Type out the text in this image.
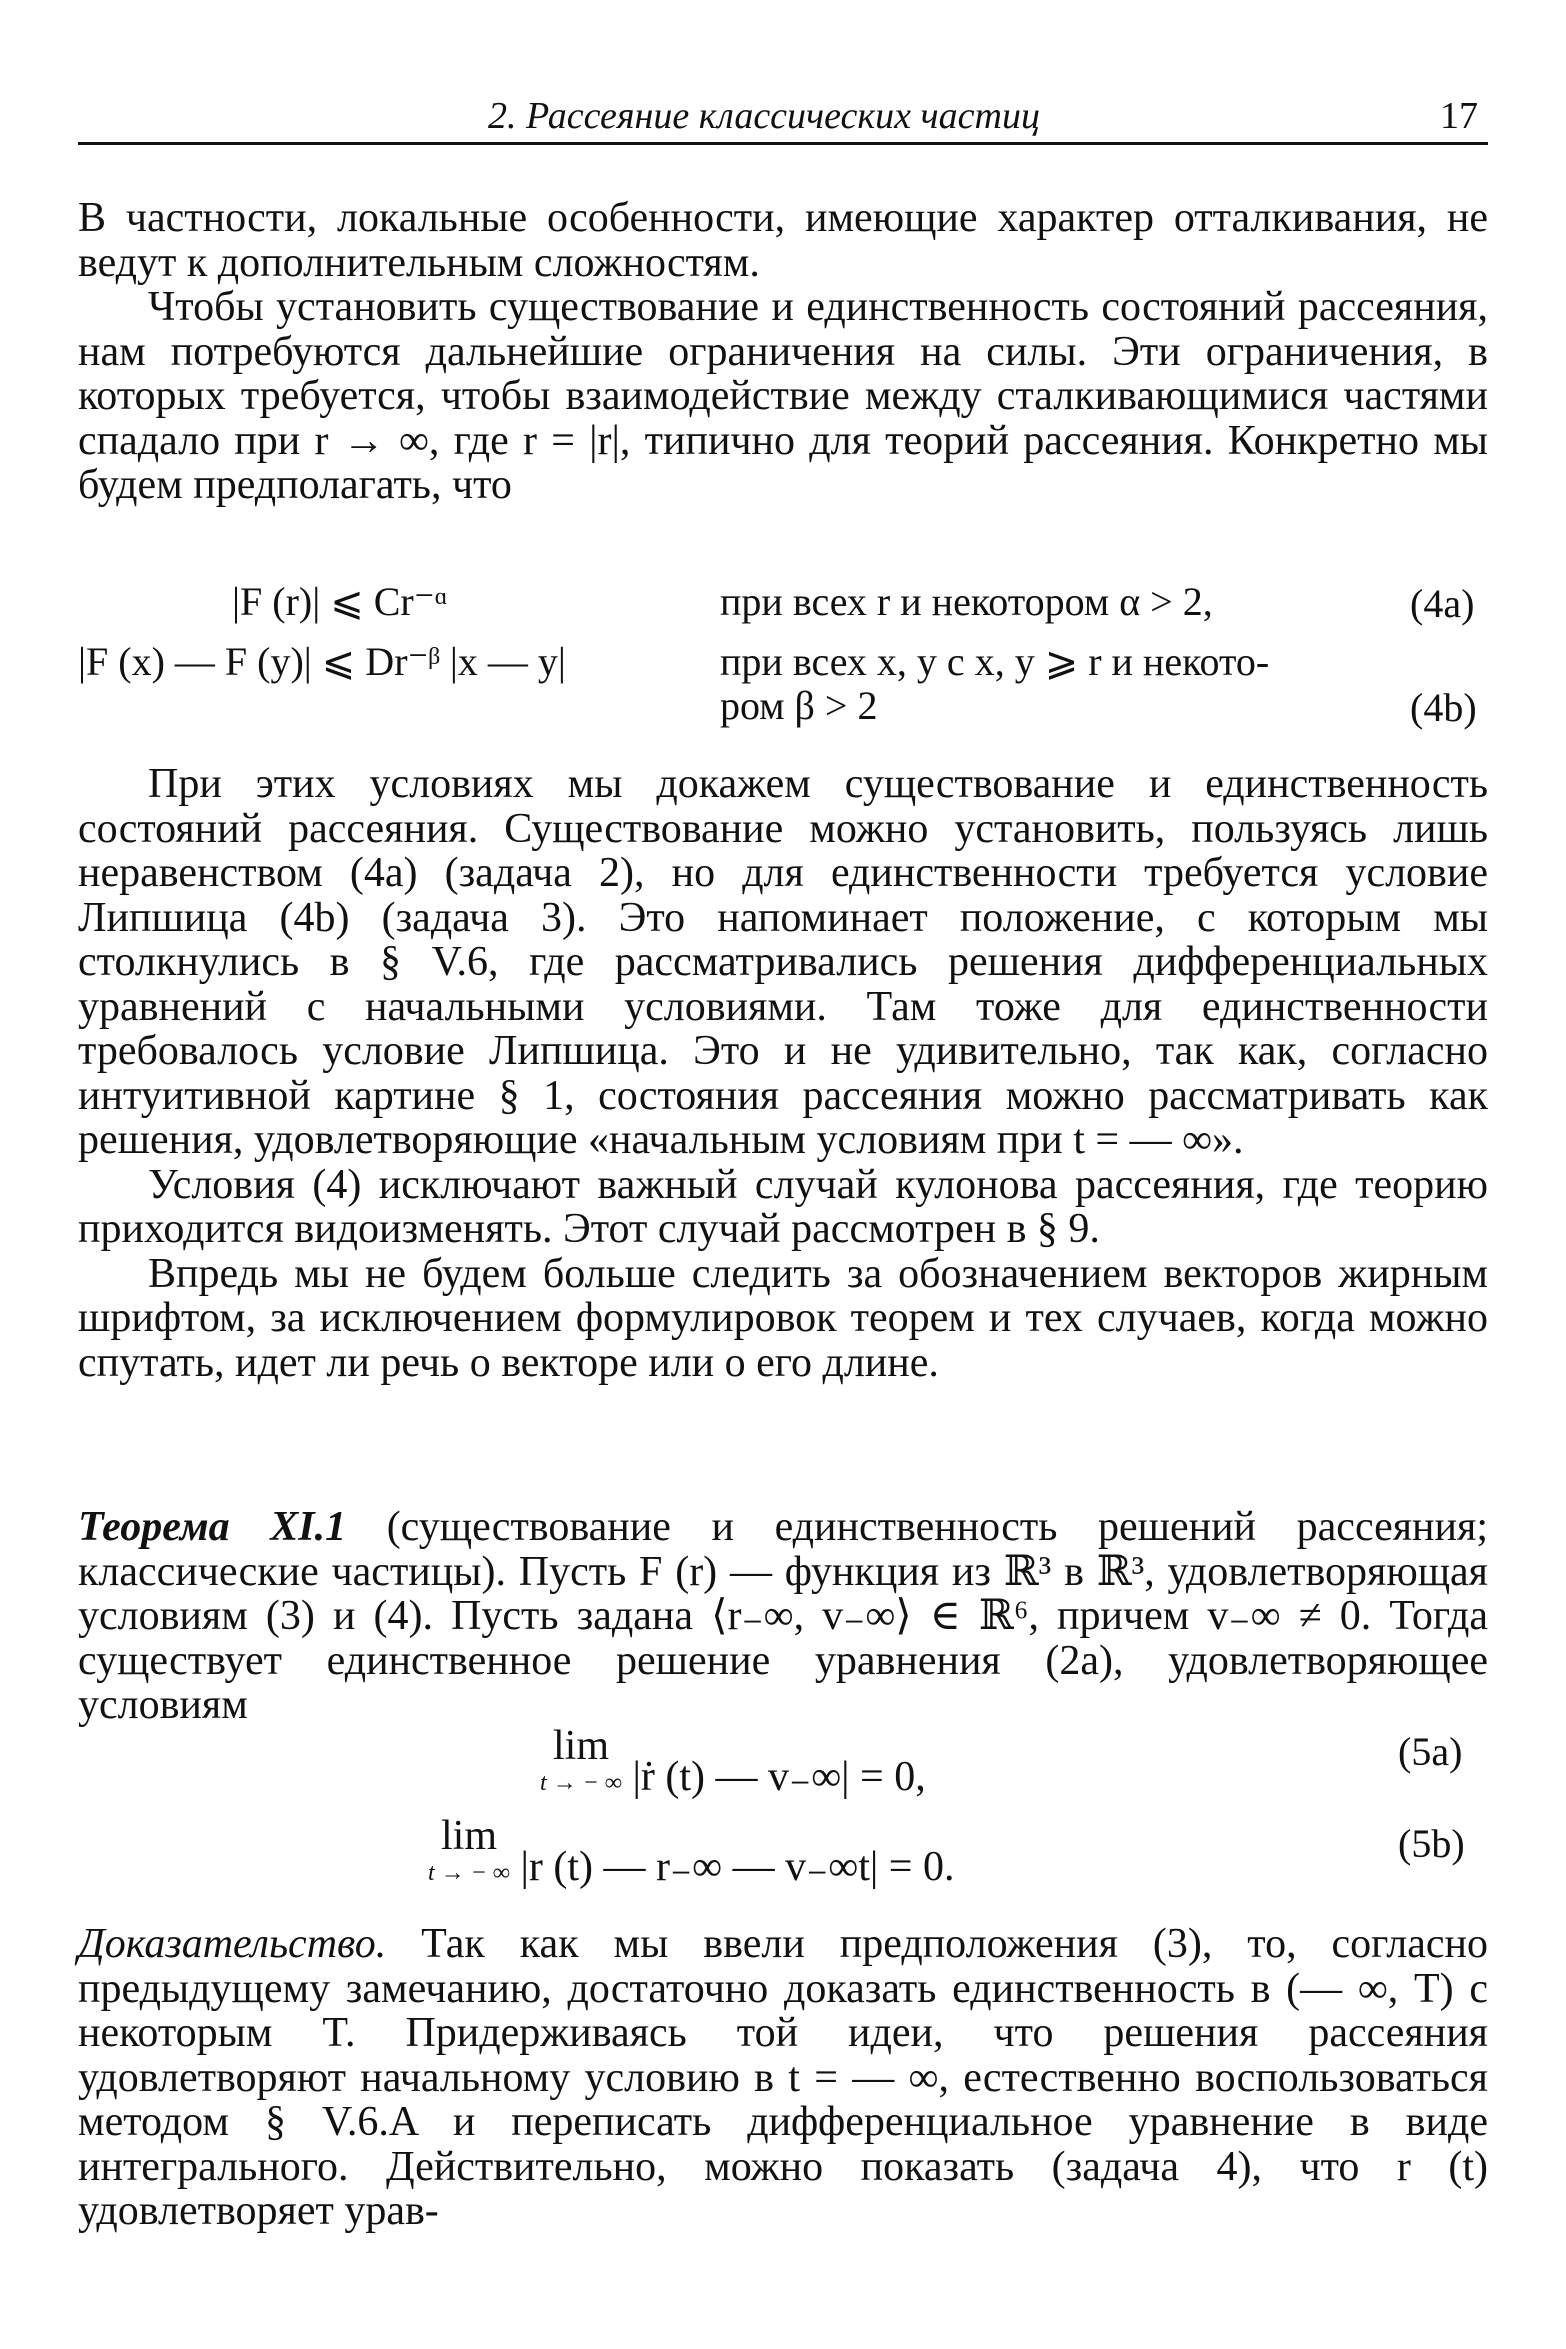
2. Рассеяние классических частиц	17

В частности, локальные особенности, имеющие характер отталкивания, не ведут к дополнительным сложностям.

Чтобы установить существование и единственность состояний рассеяния, нам потребуются дальнейшие ограничения на силы. Эти ограничения, в которых требуется, чтобы взаимодействие между сталкивающимися частями спадало при r → ∞, где r = |r|, типично для теорий рассеяния. Конкретно мы будем предполагать, что

|F (r)| ⩽ Cr⁻ᵅ	при всех r и некотором α > 2,	(4a)
|F (x) — F (y)| ⩽ Dr⁻ᵝ |x — y|	при всех x, y с x, y ⩾ r и некото-
ром β > 2	(4b)

При этих условиях мы докажем существование и единственность состояний рассеяния. Существование можно установить, пользуясь лишь неравенством (4a) (задача 2), но для единственности требуется условие Липшица (4b) (задача 3). Это напоминает положение, с которым мы столкнулись в § V.6, где рассматривались решения дифференциальных уравнений с начальными условиями. Там тоже для единственности требовалось условие Липшица. Это и не удивительно, так как, согласно интуитивной картине § 1, состояния рассеяния можно рассматривать как решения, удовлетворяющие «начальным условиям при t = — ∞».

Условия (4) исключают важный случай кулонова рассеяния, где теорию приходится видоизменять. Этот случай рассмотрен в § 9.

Впредь мы не будем больше следить за обозначением векторов жирным шрифтом, за исключением формулировок теорем и тех случаев, когда можно спутать, идет ли речь о векторе или о его длине.

Теорема XI.1 (существование и единственность решений рассеяния; классические частицы). Пусть F (r) — функция из ℝ³ в ℝ³, удовлетворяющая условиям (3) и (4). Пусть задана ⟨r₋∞, v₋∞⟩ ∈ ℝ⁶, причем v₋∞ ≠ 0. Тогда существует единственное решение уравнения (2a), удовлетворяющее условиям

lim
t → − ∞ |ṙ (t) — v₋∞| = 0,
(5a)
lim
t → − ∞ |r (t) — r₋∞ — v₋∞t| = 0.
(5b)

Доказательство. Так как мы ввели предположения (3), то, согласно предыдущему замечанию, достаточно доказать единственность в (— ∞, T) с некоторым T. Придерживаясь той идеи, что решения рассеяния удовлетворяют начальному условию в t = — ∞, естественно воспользоваться методом § V.6.A и переписать дифференциальное уравнение в виде интегрального. Действительно, можно показать (задача 4), что r (t) удовлетворяет урав-
